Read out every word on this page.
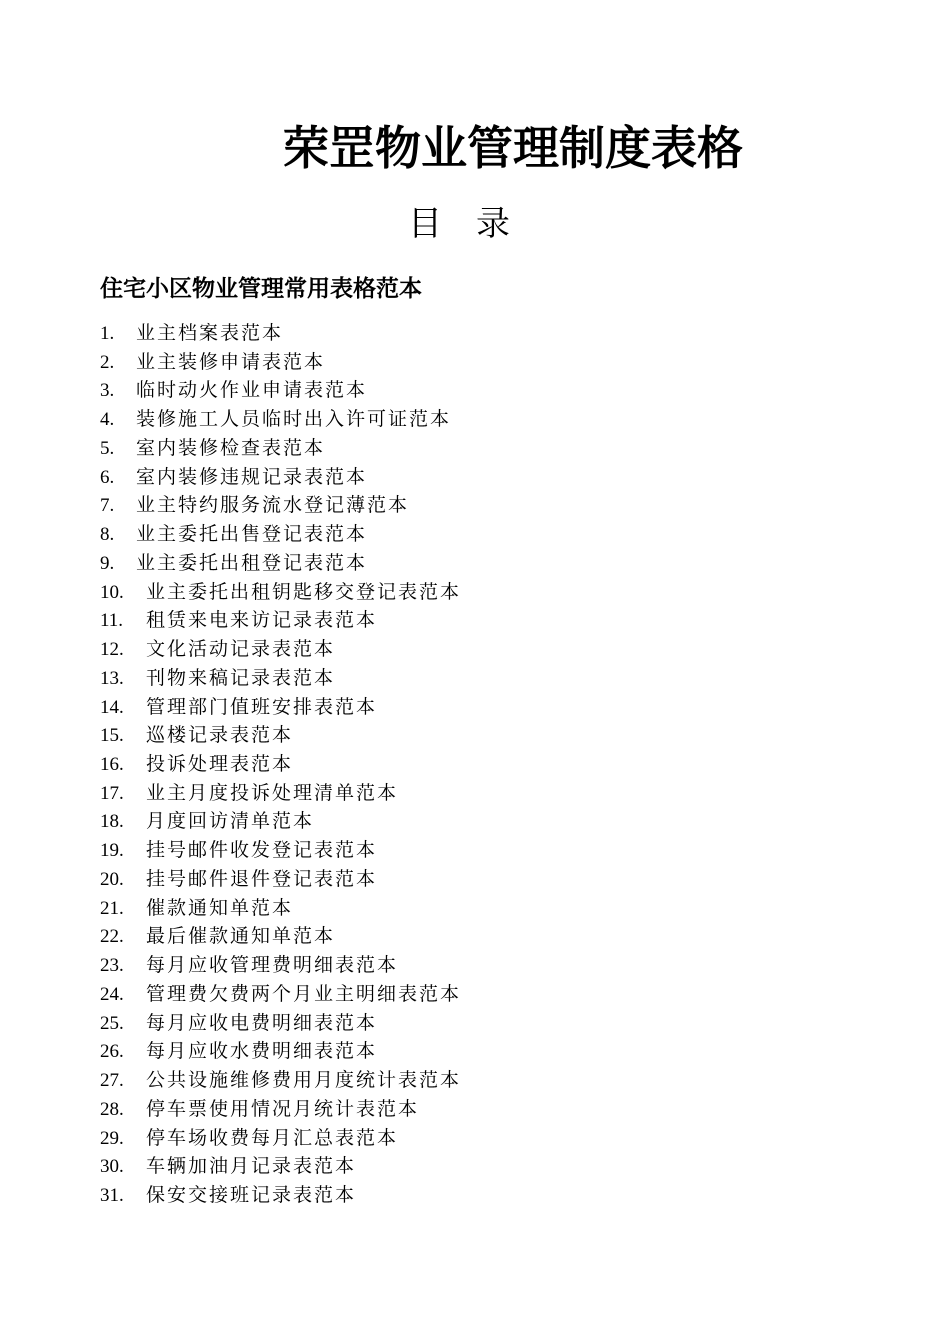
荣罡物业管理制度表格
目　录
住宅小区物业管理常用表格范本
1.	业主档案表范本
2.	业主装修申请表范本
3.	临时动火作业申请表范本
4.	装修施工人员临时出入许可证范本
5.	室内装修检查表范本
6.	室内装修违规记录表范本
7.	业主特约服务流水登记薄范本
8.	业主委托出售登记表范本
9.	业主委托出租登记表范本
10.	业主委托出租钥匙移交登记表范本
11.	租赁来电来访记录表范本
12.	文化活动记录表范本
13.	刊物来稿记录表范本
14.	管理部门值班安排表范本
15.	巡楼记录表范本
16.	投诉处理表范本
17.	业主月度投诉处理清单范本
18.	月度回访清单范本
19.	挂号邮件收发登记表范本
20.	挂号邮件退件登记表范本
21.	催款通知单范本
22.	最后催款通知单范本
23.	每月应收管理费明细表范本
24.	管理费欠费两个月业主明细表范本
25.	每月应收电费明细表范本
26.	每月应收水费明细表范本
27.	公共设施维修费用月度统计表范本
28.	停车票使用情况月统计表范本
29.	停车场收费每月汇总表范本
30.	车辆加油月记录表范本
31.	保安交接班记录表范本
